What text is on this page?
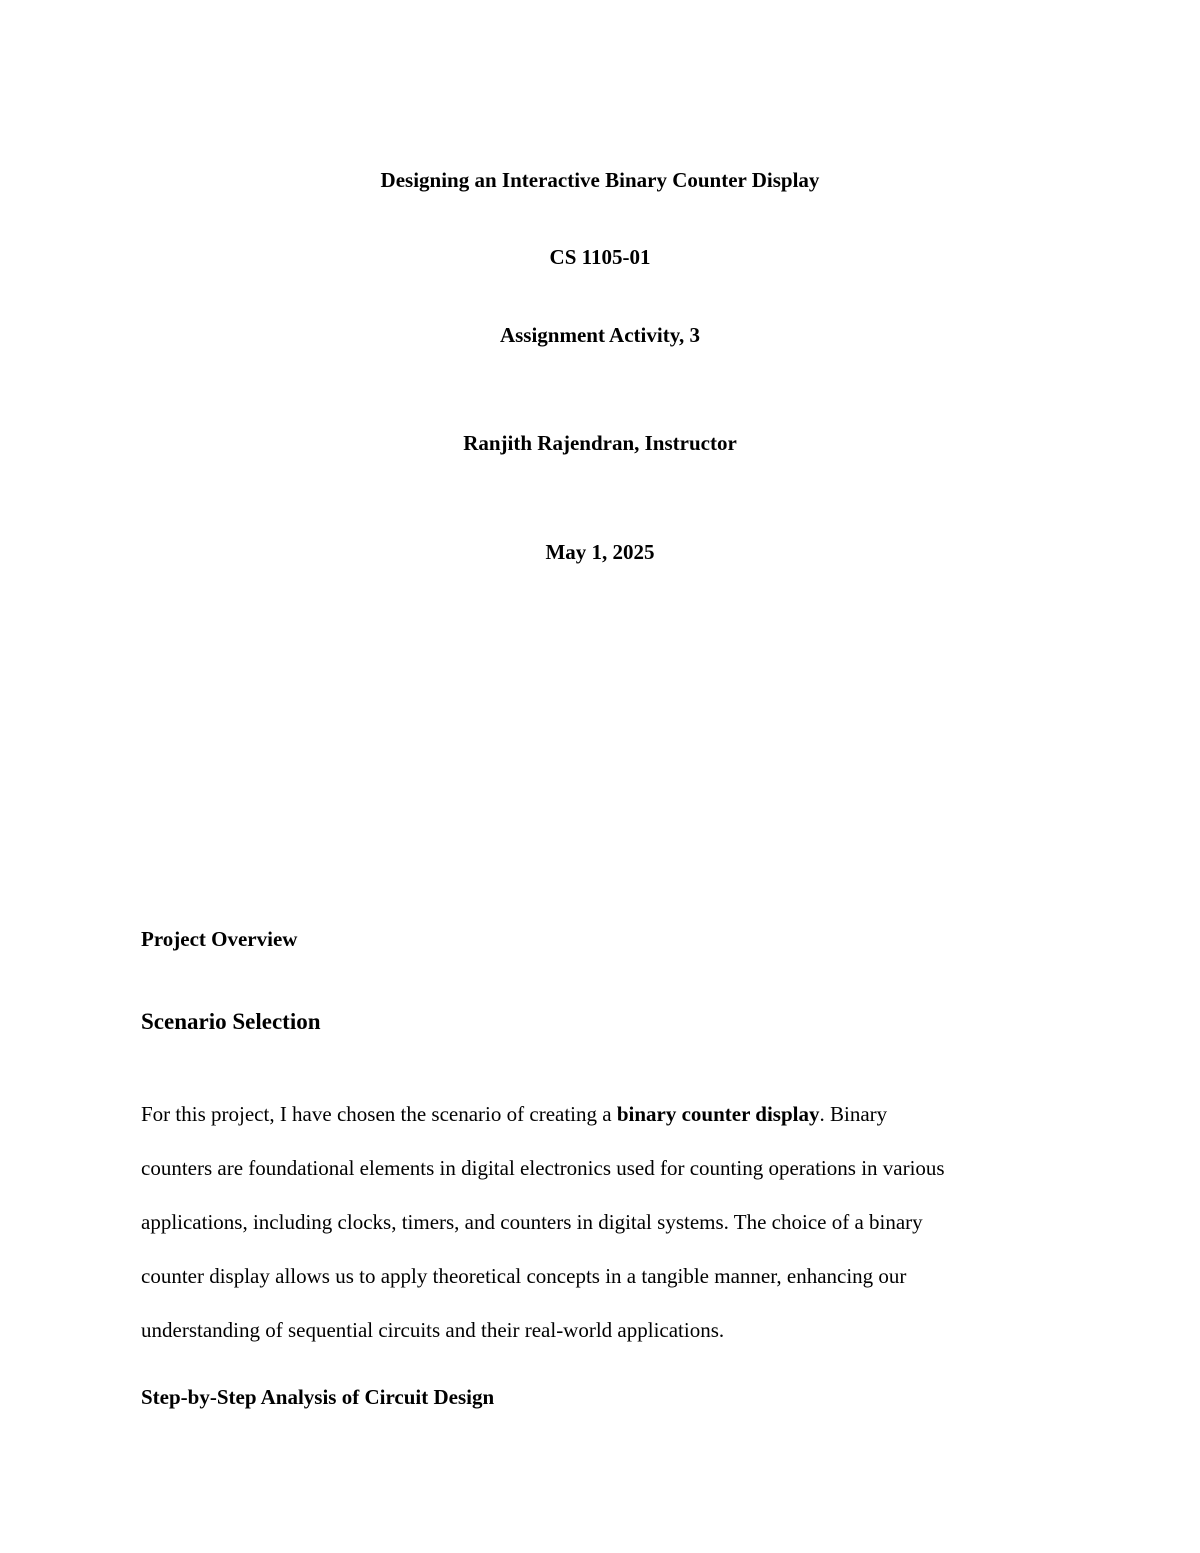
Designing an Interactive Binary Counter Display

CS 1105-01

Assignment Activity, 3

Ranjith Rajendran, Instructor

May 1, 2025

Project Overview
Scenario Selection
For this project, I have chosen the scenario of creating a binary counter display. Binary
counters are foundational elements in digital electronics used for counting operations in various
applications, including clocks, timers, and counters in digital systems. The choice of a binary
counter display allows us to apply theoretical concepts in a tangible manner, enhancing our
understanding of sequential circuits and their real-world applications.
Step-by-Step Analysis of Circuit Design
